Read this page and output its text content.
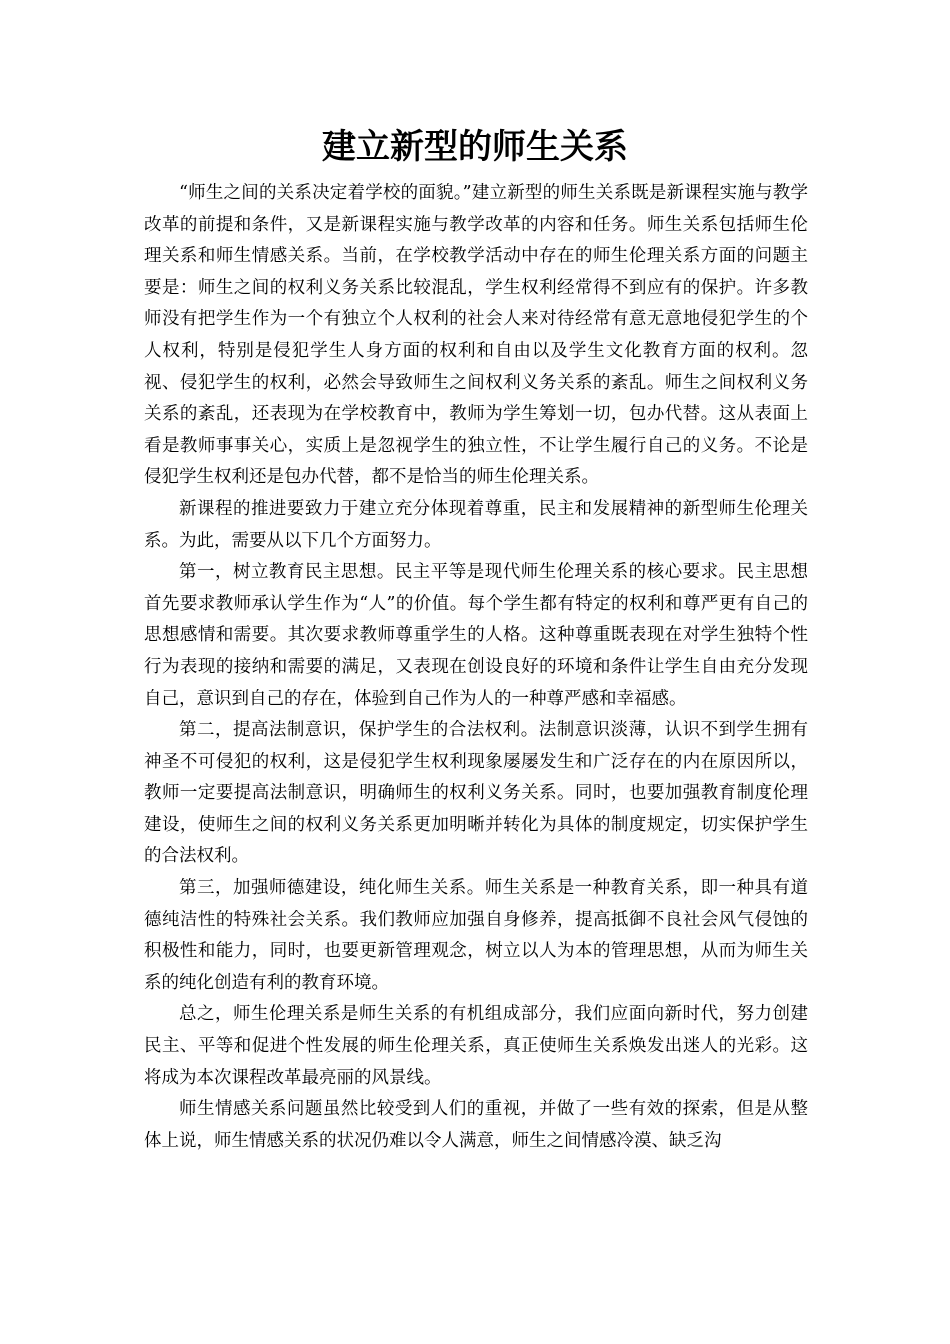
建立新型的师生关系

“师生之间的关系决定着学校的面貌。”建立新型的师生关系既是新课程实施与教学改革的前提和条件，又是新课程实施与教学改革的内容和任务。师生关系包括师生伦理关系和师生情感关系。当前，在学校教学活动中存在的师生伦理关系方面的问题主要是：师生之间的权利义务关系比较混乱，学生权利经常得不到应有的保护。许多教师没有把学生作为一个有独立个人权利的社会人来对待经常有意无意地侵犯学生的个人权利，特别是侵犯学生人身方面的权利和自由以及学生文化教育方面的权利。忽视、侵犯学生的权利，必然会导致师生之间权利义务关系的紊乱。师生之间权利义务关系的紊乱，还表现为在学校教育中，教师为学生筹划一切，包办代替。这从表面上看是教师事事关心，实质上是忽视学生的独立性，不让学生履行自己的义务。不论是侵犯学生权利还是包办代替，都不是恰当的师生伦理关系。

新课程的推进要致力于建立充分体现着尊重，民主和发展精神的新型师生伦理关系。为此，需要从以下几个方面努力。

第一，树立教育民主思想。民主平等是现代师生伦理关系的核心要求。民主思想首先要求教师承认学生作为“人”的价值。每个学生都有特定的权利和尊严更有自己的思想感情和需要。其次要求教师尊重学生的人格。这种尊重既表现在对学生独特个性行为表现的接纳和需要的满足，又表现在创设良好的环境和条件让学生自由充分发现自己，意识到自己的存在，体验到自己作为人的一种尊严感和幸福感。

第二，提高法制意识，保护学生的合法权利。法制意识淡薄，认识不到学生拥有神圣不可侵犯的权利，这是侵犯学生权利现象屡屡发生和广泛存在的内在原因所以，教师一定要提高法制意识，明确师生的权利义务关系。同时，也要加强教育制度伦理建设，使师生之间的权利义务关系更加明晰并转化为具体的制度规定，切实保护学生的合法权利。

第三，加强师德建设，纯化师生关系。师生关系是一种教育关系，即一种具有道德纯洁性的特殊社会关系。我们教师应加强自身修养，提高抵御不良社会风气侵蚀的积极性和能力，同时，也要更新管理观念，树立以人为本的管理思想，从而为师生关系的纯化创造有利的教育环境。

总之，师生伦理关系是师生关系的有机组成部分，我们应面向新时代，努力创建民主、平等和促进个性发展的师生伦理关系，真正使师生关系焕发出迷人的光彩。这将成为本次课程改革最亮丽的风景线。

师生情感关系问题虽然比较受到人们的重视，并做了一些有效的探索，但是从整体上说，师生情感关系的状况仍难以令人满意，师生之间情感冷漠、缺乏沟
